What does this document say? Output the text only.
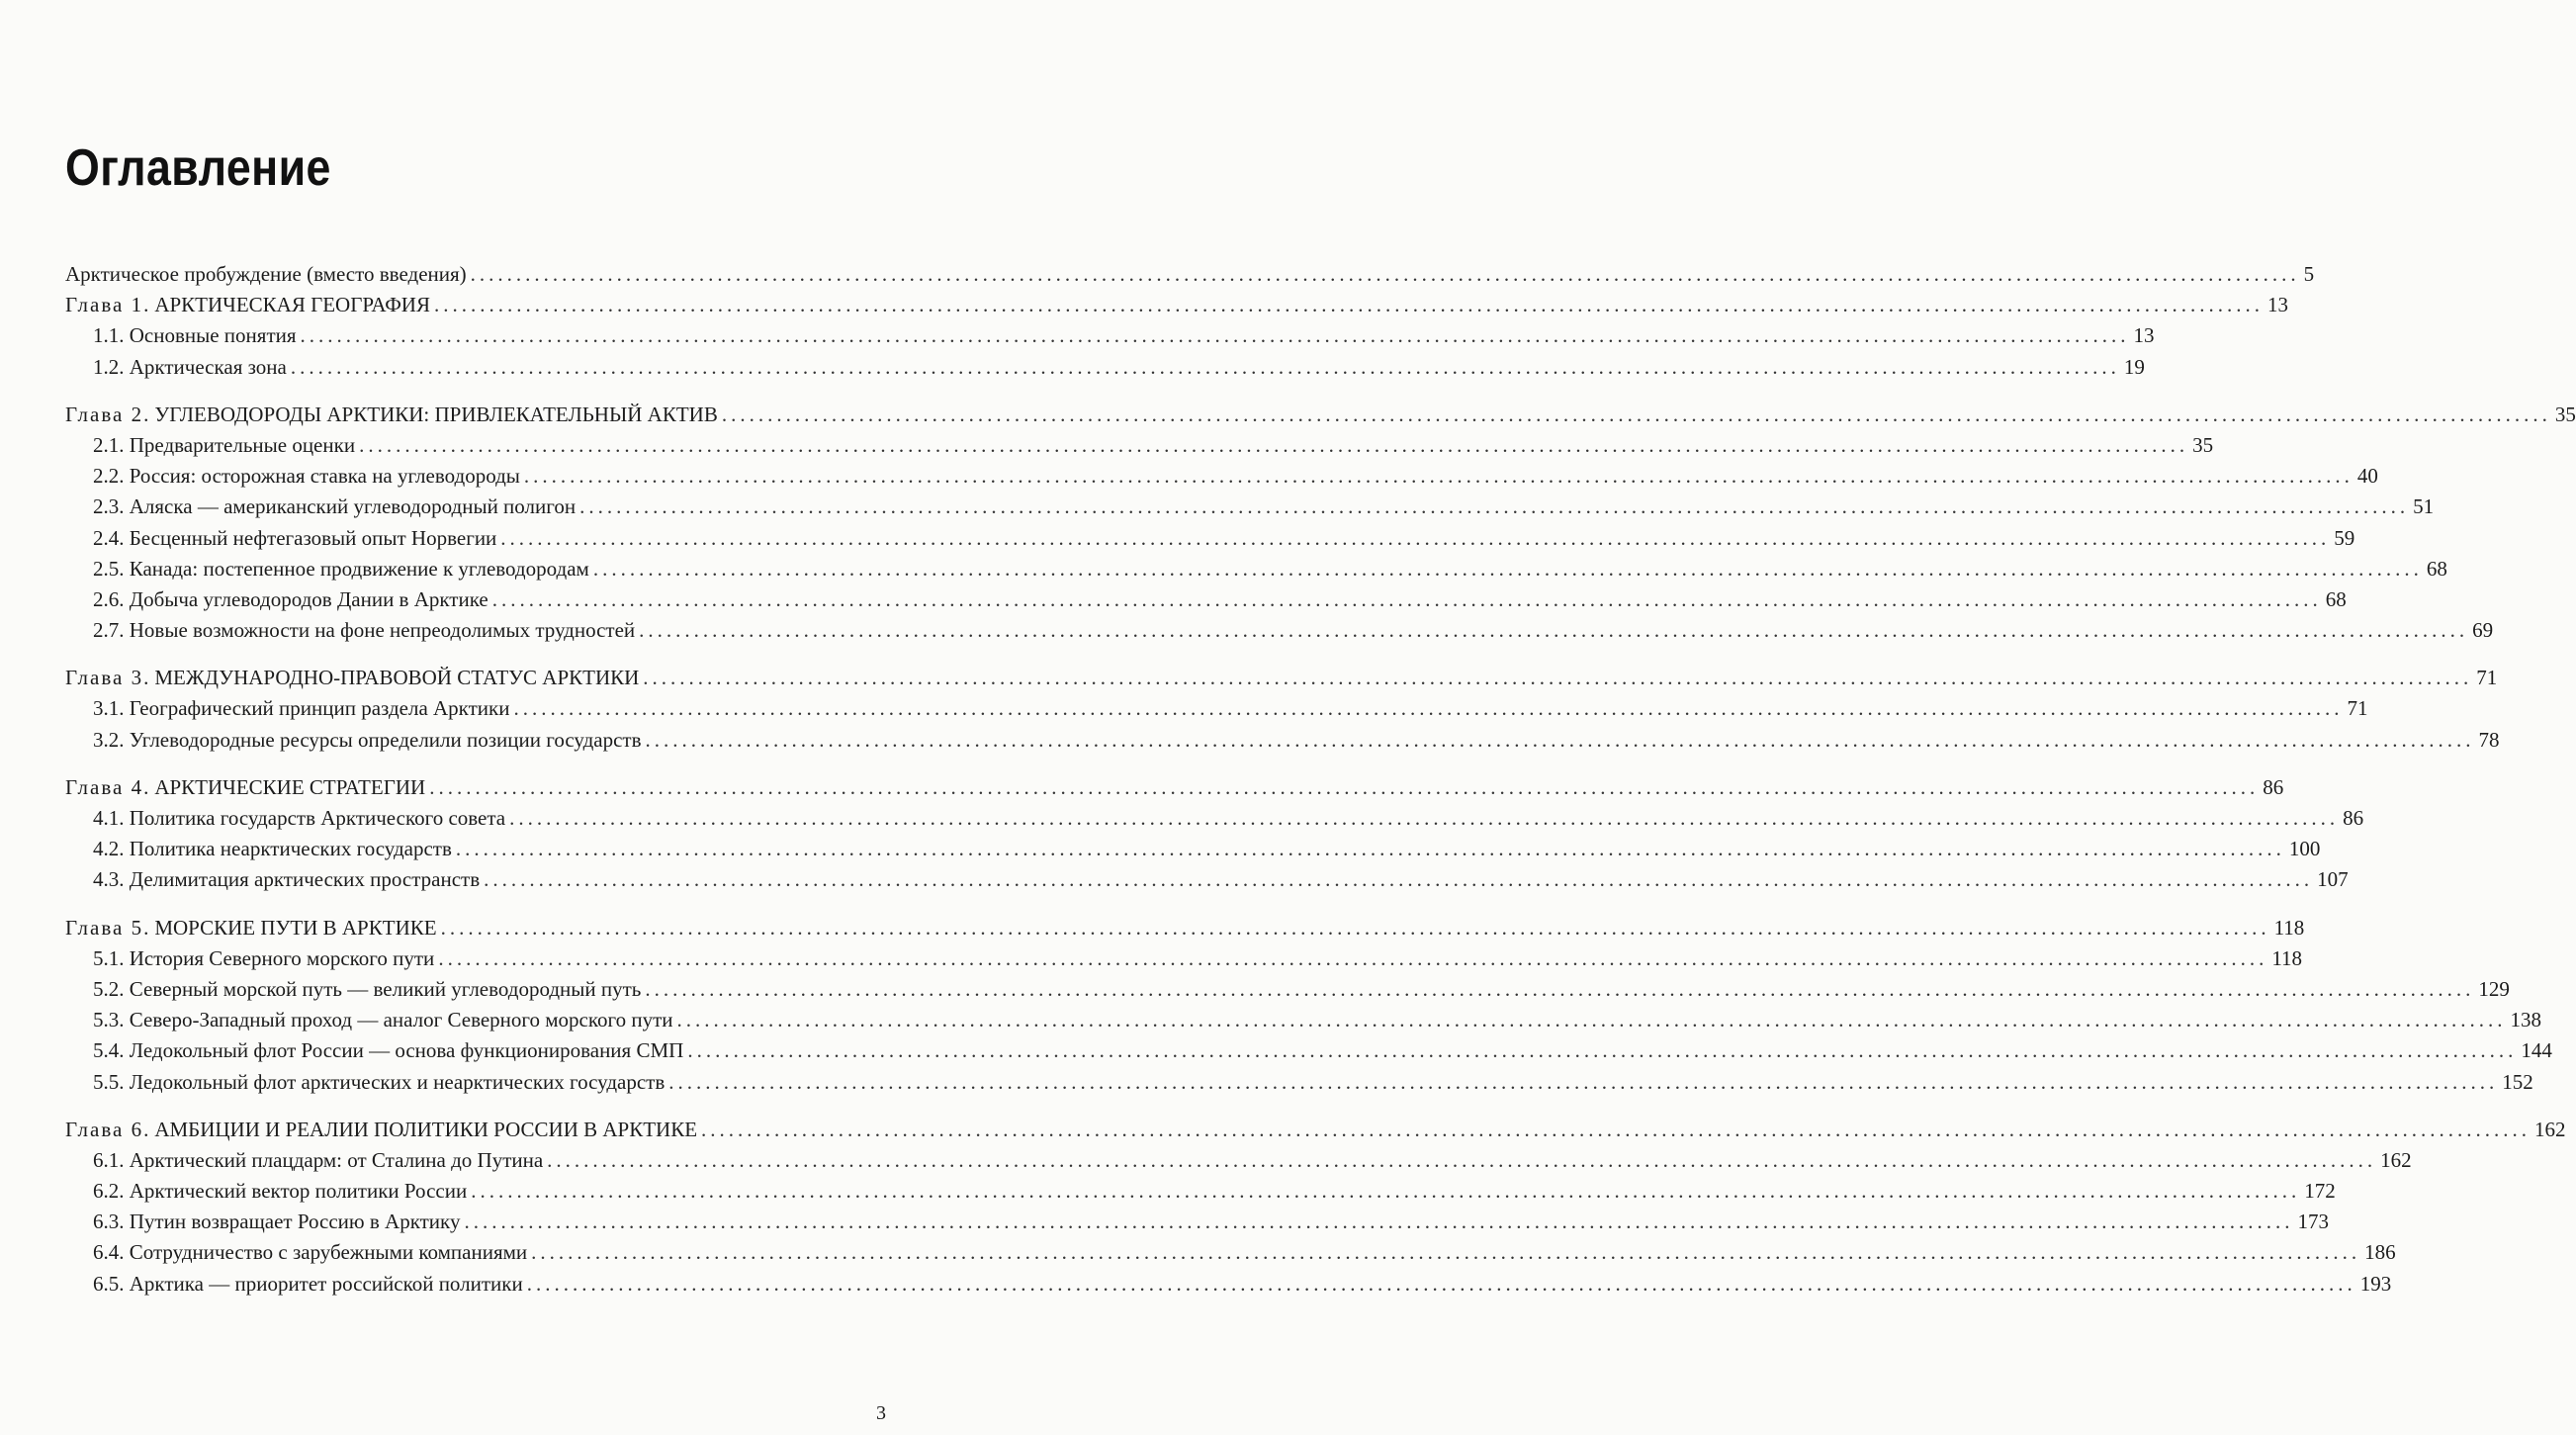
Оглавление
Арктическое пробуждение (вместо введения) ........................................................................................................................................................................................................ 5
Глава 1. АРКТИЧЕСКАЯ ГЕОГРАФИЯ ........................................................................................................................................................................................................ 13
1.1. Основные понятия ........................................................................................................................................................................................................ 13
1.2. Арктическая зона ........................................................................................................................................................................................................ 19
Глава 2. УГЛЕВОДОРОДЫ АРКТИКИ: ПРИВЛЕКАТЕЛЬНЫЙ АКТИВ ........................................................................................................................................................................................................ 35
2.1. Предварительные оценки ........................................................................................................................................................................................................ 35
2.2. Россия: осторожная ставка на углеводороды ........................................................................................................................................................................................................ 40
2.3. Аляска — американский углеводородный полигон ........................................................................................................................................................................................................ 51
2.4. Бесценный нефтегазовый опыт Норвегии ........................................................................................................................................................................................................ 59
2.5. Канада: постепенное продвижение к углеводородам ........................................................................................................................................................................................................ 68
2.6. Добыча углеводородов Дании в Арктике ........................................................................................................................................................................................................ 68
2.7. Новые возможности на фоне непреодолимых трудностей ........................................................................................................................................................................................................ 69
Глава 3. МЕЖДУНАРОДНО-ПРАВОВОЙ СТАТУС АРКТИКИ ........................................................................................................................................................................................................ 71
3.1. Географический принцип раздела Арктики ........................................................................................................................................................................................................ 71
3.2. Углеводородные ресурсы определили позиции государств ........................................................................................................................................................................................................ 78
Глава 4. АРКТИЧЕСКИЕ СТРАТЕГИИ ........................................................................................................................................................................................................ 86
4.1. Политика государств Арктического совета ........................................................................................................................................................................................................ 86
4.2. Политика неарктических государств ........................................................................................................................................................................................................ 100
4.3. Делимитация арктических пространств ........................................................................................................................................................................................................ 107
Глава 5. МОРСКИЕ ПУТИ В АРКТИКЕ ........................................................................................................................................................................................................ 118
5.1. История Северного морского пути ........................................................................................................................................................................................................ 118
5.2. Северный морской путь — великий углеводородный путь ........................................................................................................................................................................................................ 129
5.3. Северо-Западный проход — аналог Северного морского пути ........................................................................................................................................................................................................ 138
5.4. Ледокольный флот России — основа функционирования СМП ........................................................................................................................................................................................................ 144
5.5. Ледокольный флот арктических и неарктических государств ........................................................................................................................................................................................................ 152
Глава 6. АМБИЦИИ И РЕАЛИИ ПОЛИТИКИ РОССИИ В АРКТИКЕ ........................................................................................................................................................................................................ 162
6.1. Арктический плацдарм: от Сталина до Путина ........................................................................................................................................................................................................ 162
6.2. Арктический вектор политики России ........................................................................................................................................................................................................ 172
6.3. Путин возвращает Россию в Арктику ........................................................................................................................................................................................................ 173
6.4. Сотрудничество с зарубежными компаниями ........................................................................................................................................................................................................ 186
6.5. Арктика — приоритет российской политики ........................................................................................................................................................................................................ 193
3
